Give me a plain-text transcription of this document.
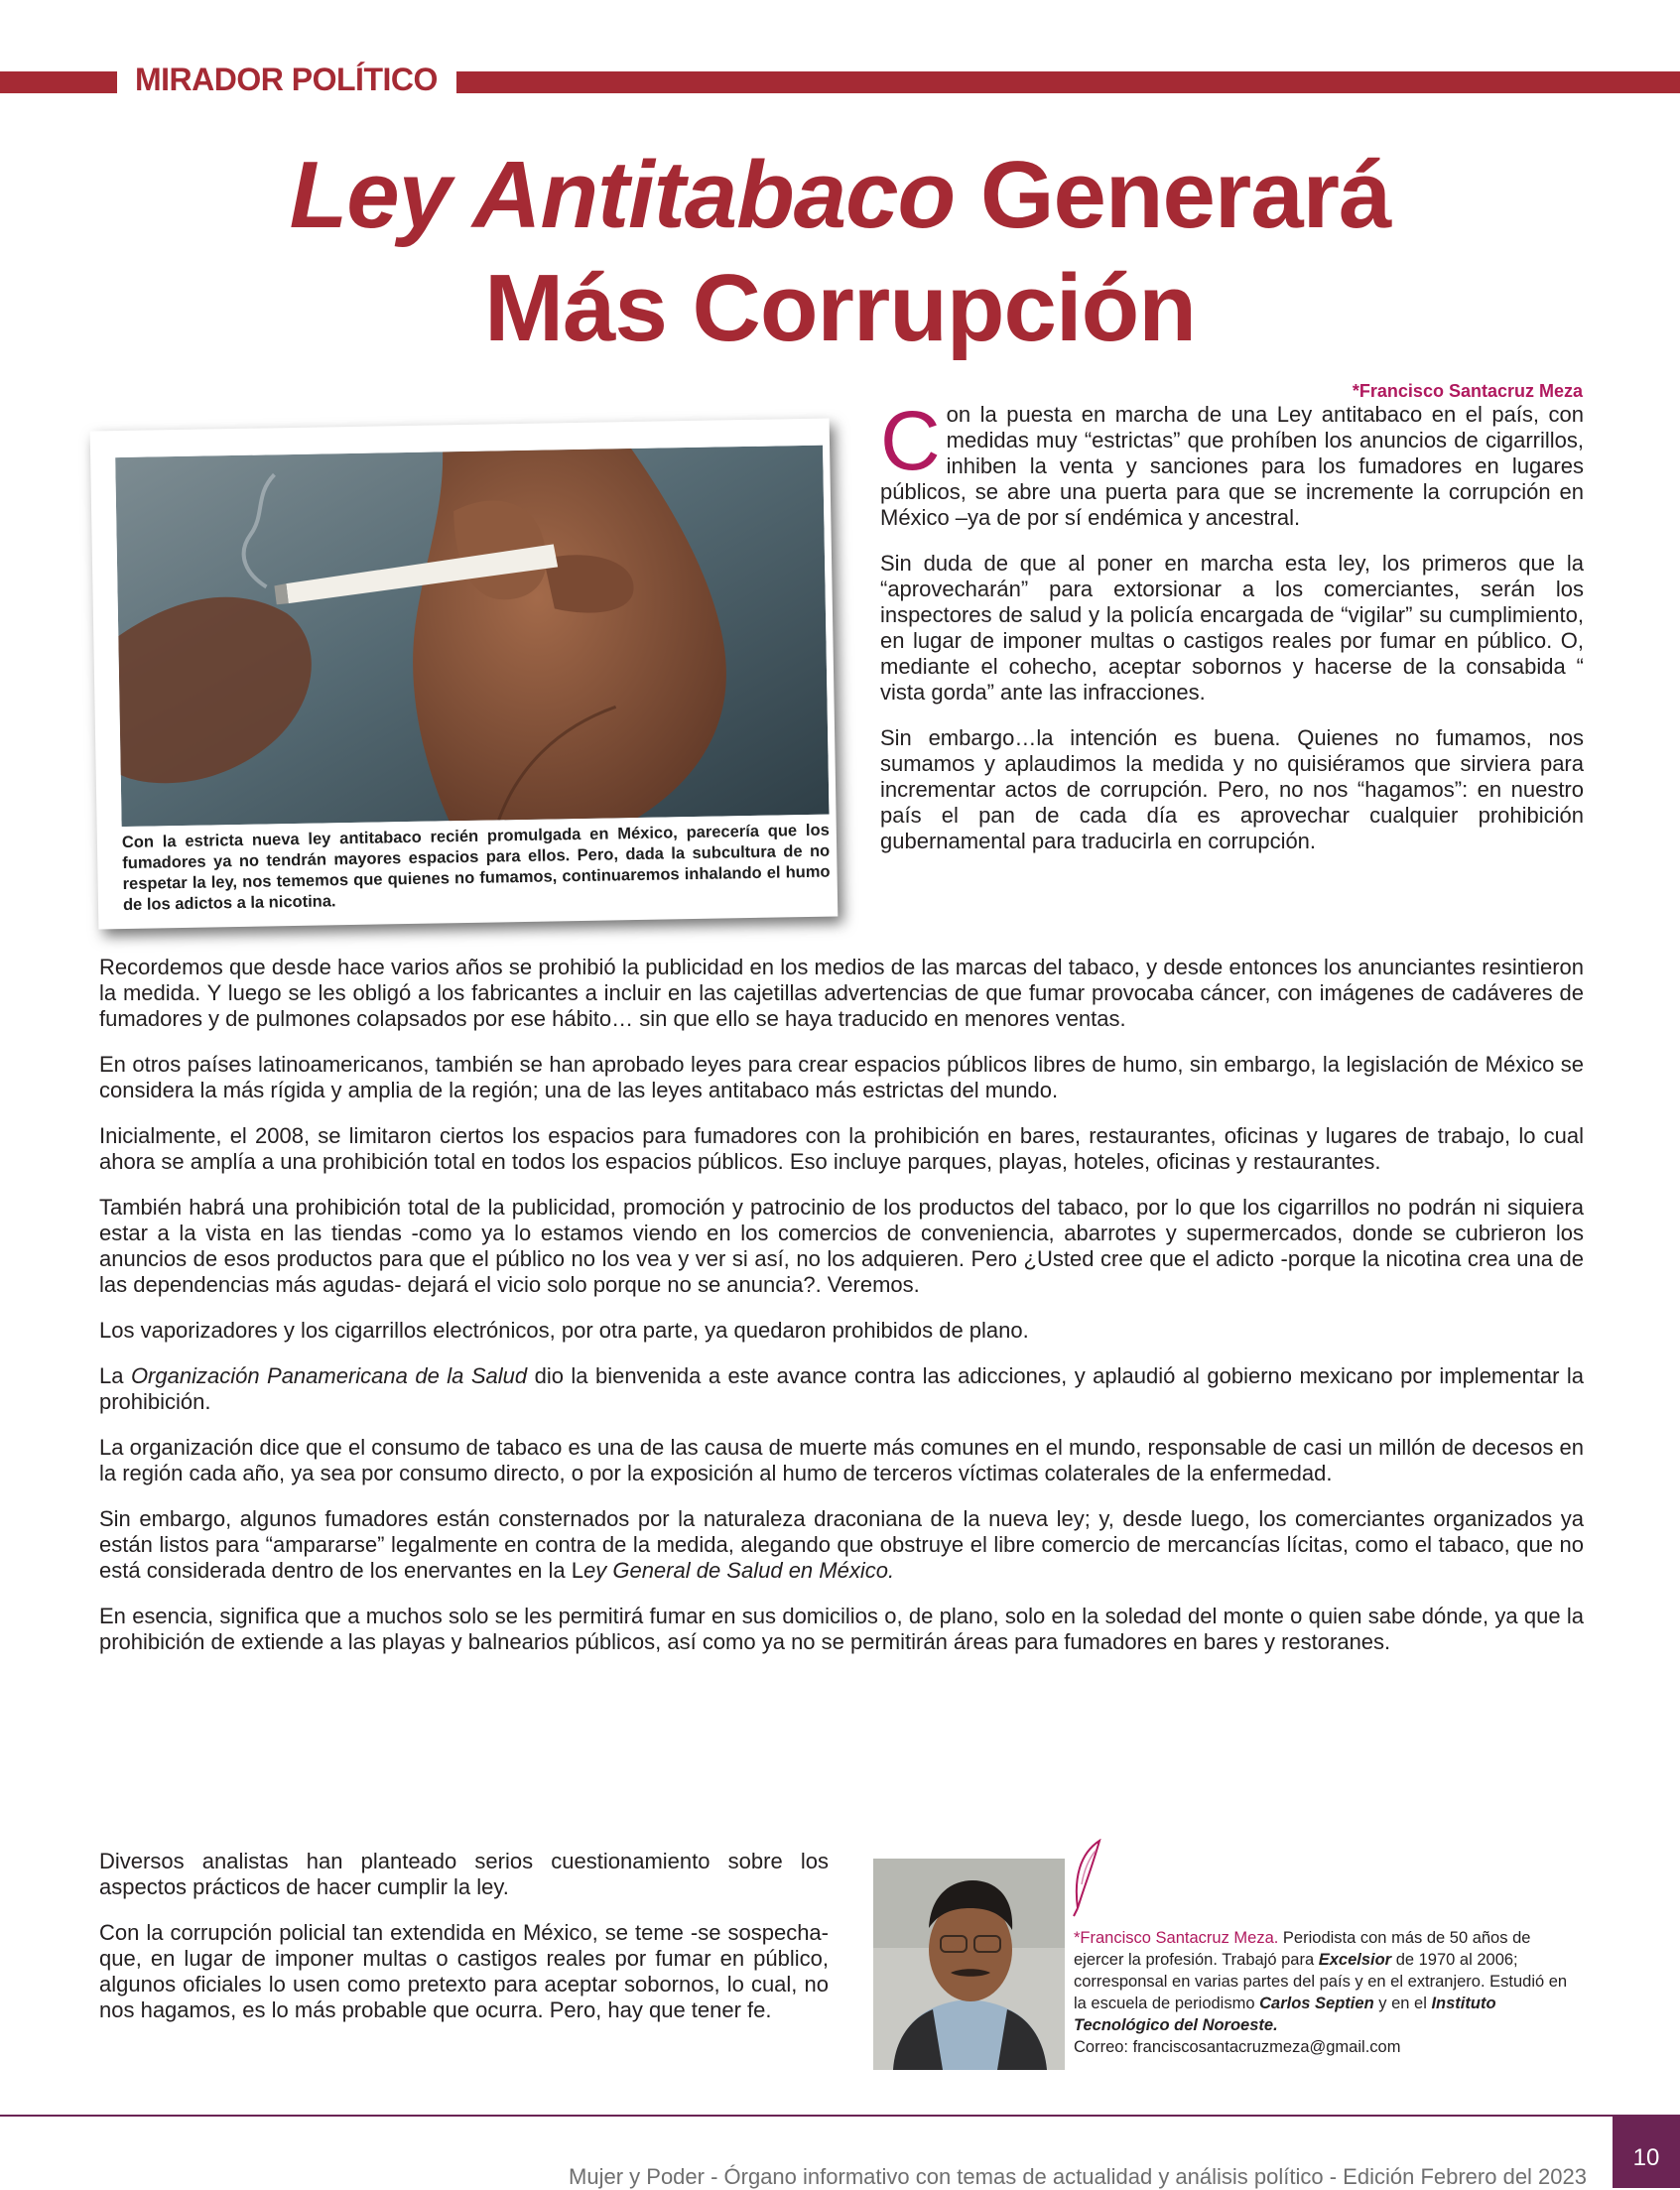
MIRADOR POLÍTICO
Ley Antitabaco Generará
Más Corrupción
*Francisco Santacruz Meza
Con la estricta nueva ley antitabaco recién promulgada en México, parecería que los fumadores ya no tendrán mayores espacios para ellos. Pero, dada la subcultura de no respetar la ley, nos tememos que quienes no fumamos, continuaremos inhalando el humo de los adictos a la nicotina.

Con la puesta en marcha de una Ley antitabaco en el país, con medidas muy “estrictas” que prohíben los anuncios de cigarrillos, inhiben la venta y sanciones para los fumadores en lugares públicos, se abre una puerta para que se incremente la corrupción en México –ya de por sí endémica y ancestral.

Sin duda de que al poner en marcha esta ley, los primeros que la “aprovecharán” para extorsionar a los comerciantes, serán los inspectores de salud y la policía encargada de “vigilar” su cumplimiento, en lugar de imponer multas o castigos reales por fumar en público. O, mediante el cohecho, aceptar sobornos y hacerse de la consabida “ vista gorda” ante las infracciones.

Sin embargo…la intención es buena. Quienes no fumamos, nos sumamos y aplaudimos la medida y no quisiéramos que sirviera para incrementar actos de corrupción. Pero, no nos “hagamos”: en nuestro país el pan de cada día es aprovechar cualquier prohibición gubernamental para traducirla en corrupción.

Recordemos que desde hace varios años se prohibió la publicidad en los medios de las marcas del tabaco, y desde entonces los anunciantes resintieron la medida. Y luego se les obligó a los fabricantes a incluir en las cajetillas advertencias de que fumar provocaba cáncer, con imágenes de cadáveres de fumadores y de pulmones colapsados por ese hábito… sin que ello se haya traducido en menores ventas.

En otros países latinoamericanos, también se han aprobado leyes para crear espacios públicos libres de humo, sin embargo, la legislación de México se considera la más rígida y amplia de la región; una de las leyes antitabaco más estrictas del mundo.

Inicialmente, el 2008, se limitaron ciertos los espacios para fumadores con la prohibición en bares, restaurantes, oficinas y lugares de trabajo, lo cual ahora se amplía a una prohibición total en todos los espacios públicos. Eso incluye parques, playas, hoteles, oficinas y restaurantes.

También habrá una prohibición total de la publicidad, promoción y patrocinio de los productos del tabaco, por lo que los cigarrillos no podrán ni siquiera estar a la vista en las tiendas -como ya lo estamos viendo en los comercios de conveniencia, abarrotes y supermercados, donde se cubrieron los anuncios de esos productos para que el público no los vea y ver si así, no los adquieren. Pero ¿Usted cree que el adicto -porque la nicotina crea una de las dependencias más agudas- dejará el vicio solo porque no se anuncia?. Veremos.

Los vaporizadores y los cigarrillos electrónicos, por otra parte, ya quedaron prohibidos de plano.

La Organización Panamericana de la Salud dio la bienvenida a este avance contra las adicciones, y aplaudió al gobierno mexicano por implementar la prohibición.

La organización dice que el consumo de tabaco es una de las causa de muerte más comunes en el mundo, responsable de casi un millón de decesos en la región cada año, ya sea por consumo directo, o por la exposición al humo de terceros víctimas colaterales de la enfermedad.

Sin embargo, algunos fumadores están consternados por la naturaleza draconiana de la nueva ley; y, desde luego, los comerciantes organizados ya están listos para “ampararse” legalmente en contra de la medida, alegando que obstruye el libre comercio de mercancías lícitas, como el tabaco, que no está considerada dentro de los enervantes en la Ley General de Salud en México.

En esencia, significa que a muchos solo se les permitirá fumar en sus domicilios o, de plano, solo en la soledad del monte o quien sabe dónde, ya que la prohibición de extiende a las playas y balnearios públicos, así como ya no se permitirán áreas para fumadores en bares y restoranes.

Diversos analistas han planteado serios cuestionamiento sobre los aspectos prácticos de hacer cumplir la ley.

Con la corrupción policial tan extendida en México, se teme -se sospecha- que, en lugar de imponer multas o castigos reales por fumar en público, algunos oficiales lo usen como pretexto para aceptar sobornos, lo cual, no nos hagamos, es lo más probable que ocurra. Pero, hay que tener fe.

*Francisco Santacruz Meza. Periodista con más de 50 años de ejercer la profesión. Trabajó para Excelsior de 1970 al 2006; corresponsal en varias partes del país y en el extranjero. Estudió en la escuela de periodismo Carlos Septien y en el Instituto Tecnológico del Noroeste.
Correo: franciscosantacruzmeza@gmail.com
Mujer y Poder - Órgano informativo con temas de actualidad y análisis político - Edición Febrero del 2023
10
